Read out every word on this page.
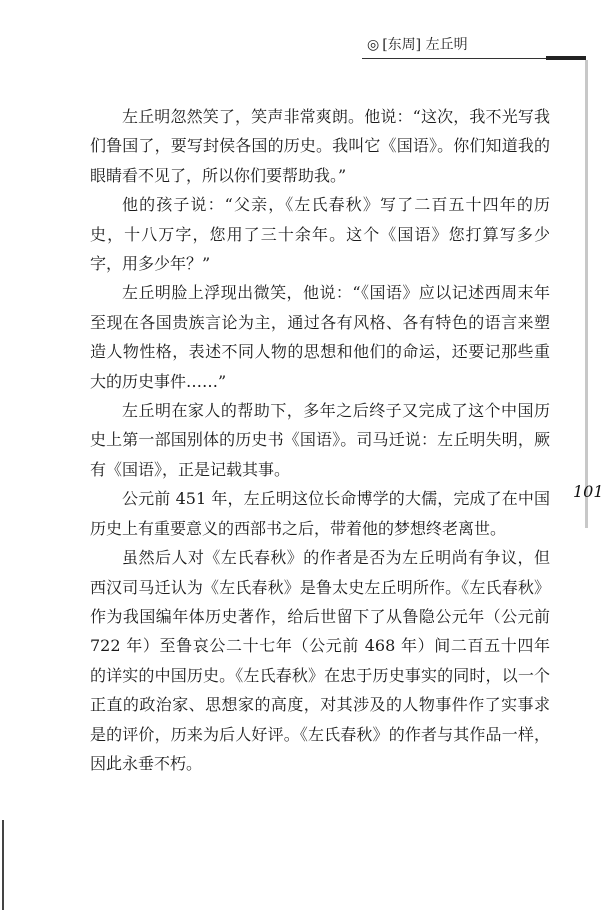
◎ [东周] 左丘明
101

左丘明忽然笑了，笑声非常爽朗。他说：“这次，我不光写我们鲁国了，要写封侯各国的历史。我叫它《国语》。你们知道我的眼睛看不见了，所以你们要帮助我。”

他的孩子说：“父亲，《左氏春秋》写了二百五十四年的历史，十八万字，您用了三十余年。这个《国语》您打算写多少字，用多少年？”

左丘明脸上浮现出微笑，他说：“《国语》应以记述西周末年至现在各国贵族言论为主，通过各有风格、各有特色的语言来塑造人物性格，表述不同人物的思想和他们的命运，还要记那些重大的历史事件……”

左丘明在家人的帮助下，多年之后终子又完成了这个中国历史上第一部国别体的历史书《国语》。司马迁说：左丘明失明，厥有《国语》，正是记载其事。

公元前 451 年，左丘明这位长命博学的大儒，完成了在中国历史上有重要意义的西部书之后，带着他的梦想终老离世。

虽然后人对《左氏春秋》的作者是否为左丘明尚有争议，但西汉司马迁认为《左氏春秋》是鲁太史左丘明所作。《左氏春秋》作为我国编年体历史著作，给后世留下了从鲁隐公元年（公元前 722 年）至鲁哀公二十七年（公元前 468 年）间二百五十四年的详实的中国历史。《左氏春秋》在忠于历史事实的同时，以一个正直的政治家、思想家的高度，对其涉及的人物事件作了实事求是的评价，历来为后人好评。《左氏春秋》的作者与其作品一样，因此永垂不朽。
